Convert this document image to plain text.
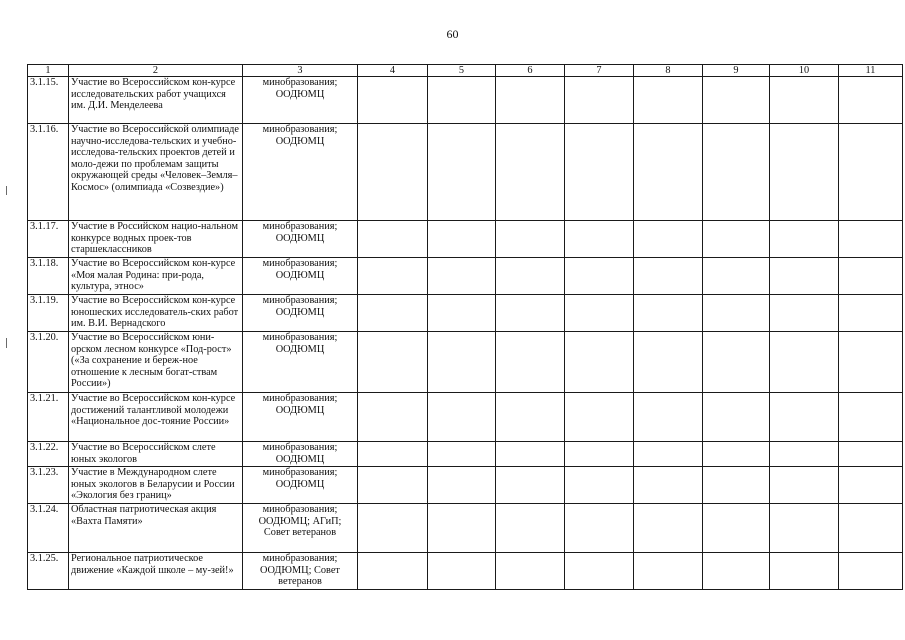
60
1	2	3	4	5	6	7	8	9	10	11
3.1.15.	Участие во Всероссийском кон-курсе исследовательских работ учащихся им. Д.И. Менделеева	минобразования; ООДЮМЦ								
3.1.16.	Участие во Всероссийской олимпиаде научно-исследова-тельских и учебно-исследова-тельских проектов детей и моло-дежи по проблемам защиты окружающей среды «Человек–Земля–Космос» (олимпиада «Созвездие»)	минобразования; ООДЮМЦ								
3.1.17.	Участие в Российском нацио-нальном конкурсе водных проек-тов старшеклассников	минобразования; ООДЮМЦ								
3.1.18.	Участие во Всероссийском кон-курсе «Моя малая Родина: при-рода, культура, этнос»	минобразования; ООДЮМЦ								
3.1.19.	Участие во Всероссийском кон-курсе юношеских исследователь-ских работ им. В.И. Вернадского	минобразования; ООДЮМЦ								
3.1.20.	Участие во Всероссийском юни-орском лесном конкурсе «Под-рост» («За сохранение и береж-ное отношение к лесным богат-ствам России»)	минобразования; ООДЮМЦ								
3.1.21.	Участие во Всероссийском кон-курсе достижений талантливой молодежи «Национальное дос-тояние России»	минобразования; ООДЮМЦ								
3.1.22.	Участие во Всероссийском слете юных экологов	минобразования; ООДЮМЦ								
3.1.23.	Участие в Международном слете юных экологов в Беларусии и России «Экология без границ»	минобразования; ООДЮМЦ								
3.1.24.	Областная патриотическая акция «Вахта Памяти»	минобразования; ООДЮМЦ; АГиП; Совет ветеранов								
3.1.25.	Региональное патриотическое движение «Каждой школе – му-зей!»	минобразования; ООДЮМЦ; Совет ветеранов								
